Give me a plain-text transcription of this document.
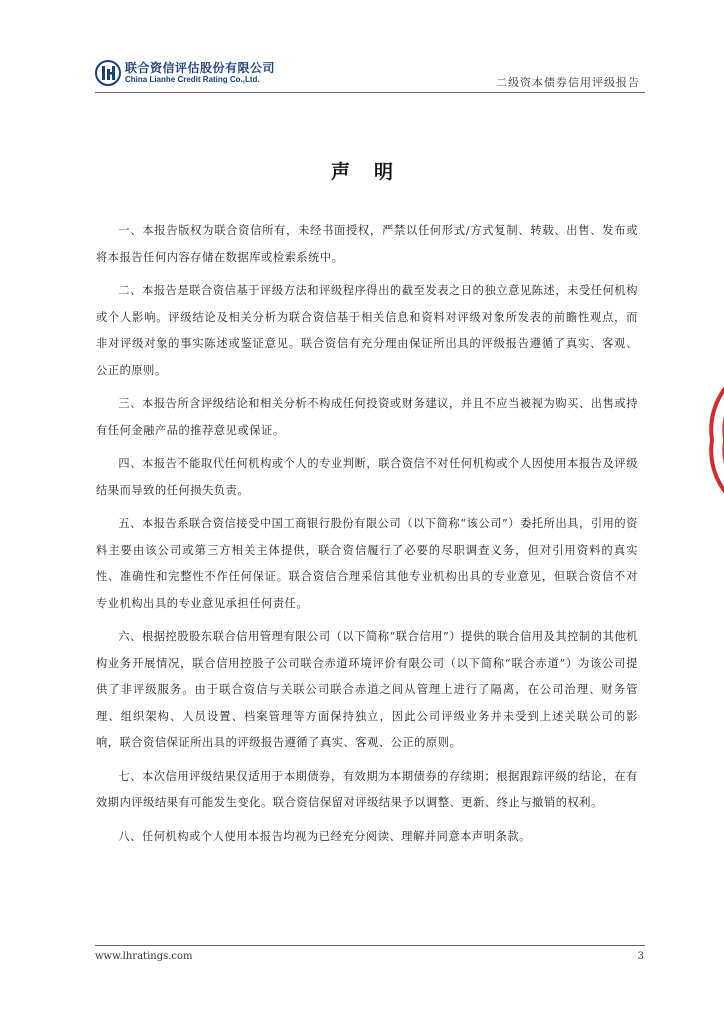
联合资信评估股份有限公司
China Lianhe Credit Rating Co.,Ltd.	二级资本债券信用评级报告
声明

一、本报告版权为联合资信所有，未经书面授权，严禁以任何形式/方式复制、转载、出售、发布或将本报告任何内容存储在数据库或检索系统中。

二、本报告是联合资信基于评级方法和评级程序得出的截至发表之日的独立意见陈述，未受任何机构或个人影响。评级结论及相关分析为联合资信基于相关信息和资料对评级对象所发表的前瞻性观点，而非对评级对象的事实陈述或鉴证意见。联合资信有充分理由保证所出具的评级报告遵循了真实、客观、公正的原则。

三、本报告所含评级结论和相关分析不构成任何投资或财务建议，并且不应当被视为购买、出售或持有任何金融产品的推荐意见或保证。

四、本报告不能取代任何机构或个人的专业判断，联合资信不对任何机构或个人因使用本报告及评级结果而导致的任何损失负责。

五、本报告系联合资信接受中国工商银行股份有限公司（以下简称“该公司”）委托所出具，引用的资料主要由该公司或第三方相关主体提供，联合资信履行了必要的尽职调查义务，但对引用资料的真实性、准确性和完整性不作任何保证。联合资信合理采信其他专业机构出具的专业意见，但联合资信不对专业机构出具的专业意见承担任何责任。

六、根据控股股东联合信用管理有限公司（以下简称“联合信用”）提供的联合信用及其控制的其他机构业务开展情况，联合信用控股子公司联合赤道环境评价有限公司（以下简称“联合赤道”）为该公司提供了非评级服务。由于联合资信与关联公司联合赤道之间从管理上进行了隔离，在公司治理、财务管理、组织架构、人员设置、档案管理等方面保持独立，因此公司评级业务并未受到上述关联公司的影响，联合资信保证所出具的评级报告遵循了真实、客观、公正的原则。

七、本次信用评级结果仅适用于本期债券，有效期为本期债券的存续期；根据跟踪评级的结论，在有效期内评级结果有可能发生变化。联合资信保留对评级结果予以调整、更新、终止与撤销的权利。

八、任何机构或个人使用本报告均视为已经充分阅读、理解并同意本声明条款。

www.lhratings.com	3
